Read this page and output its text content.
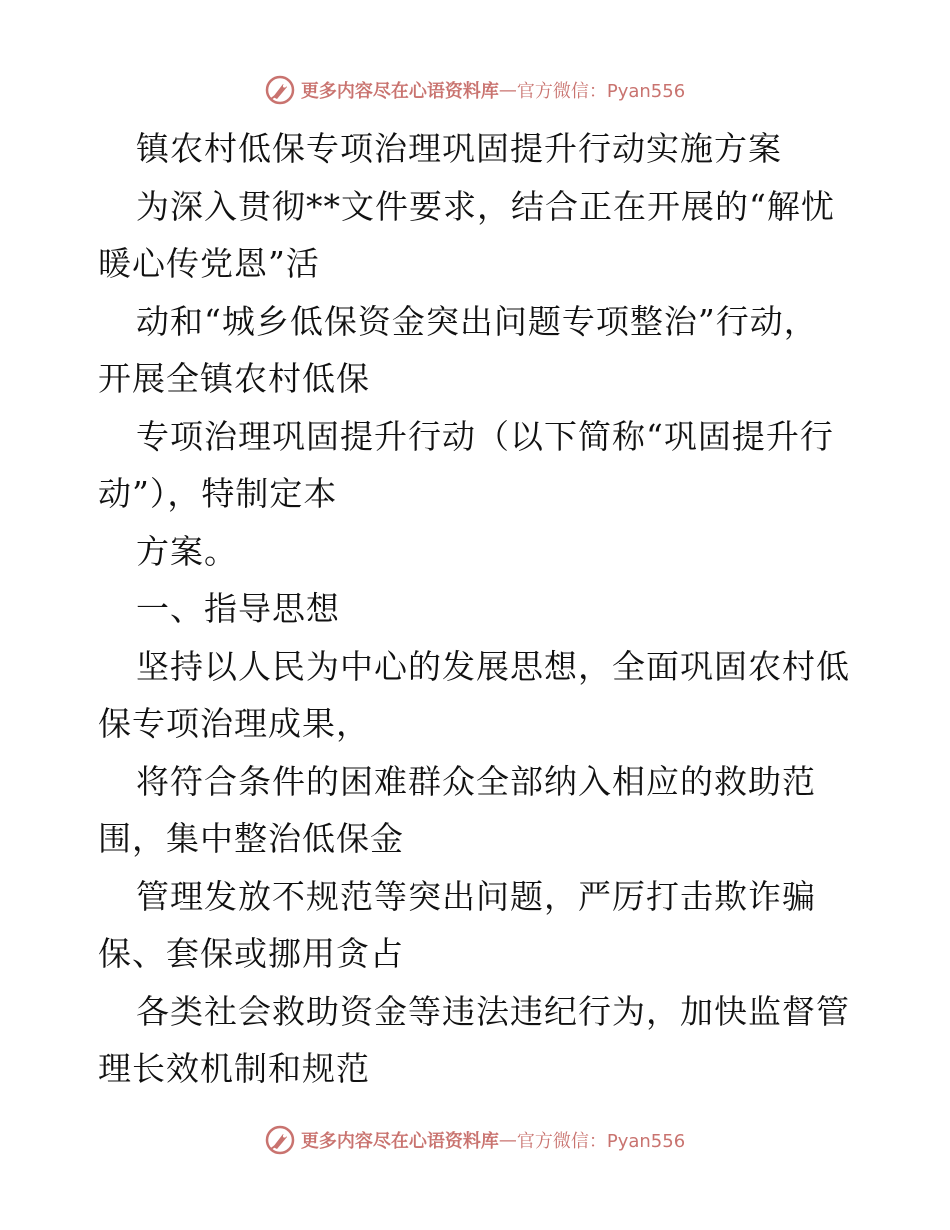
更多内容尽在心语资料库 — 官方微信：Pyan556
镇农村低保专项治理巩固提升行动实施方案
为深入贯彻**文件要求，结合正在开展的“解忧
暖心传党恩”活
动和“城乡低保资金突出问题专项整治”行动，
开展全镇农村低保
专项治理巩固提升行动（以下简称“巩固提升行
动”），特制定本
方案。
一、指导思想
坚持以人民为中心的发展思想，全面巩固农村低
保专项治理成果，
将符合条件的困难群众全部纳入相应的救助范
围，集中整治低保金
管理发放不规范等突出问题，严厉打击欺诈骗
保、套保或挪用贪占
各类社会救助资金等违法违纪行为，加快监督管
理长效机制和规范
更多内容尽在心语资料库 — 官方微信：Pyan556
